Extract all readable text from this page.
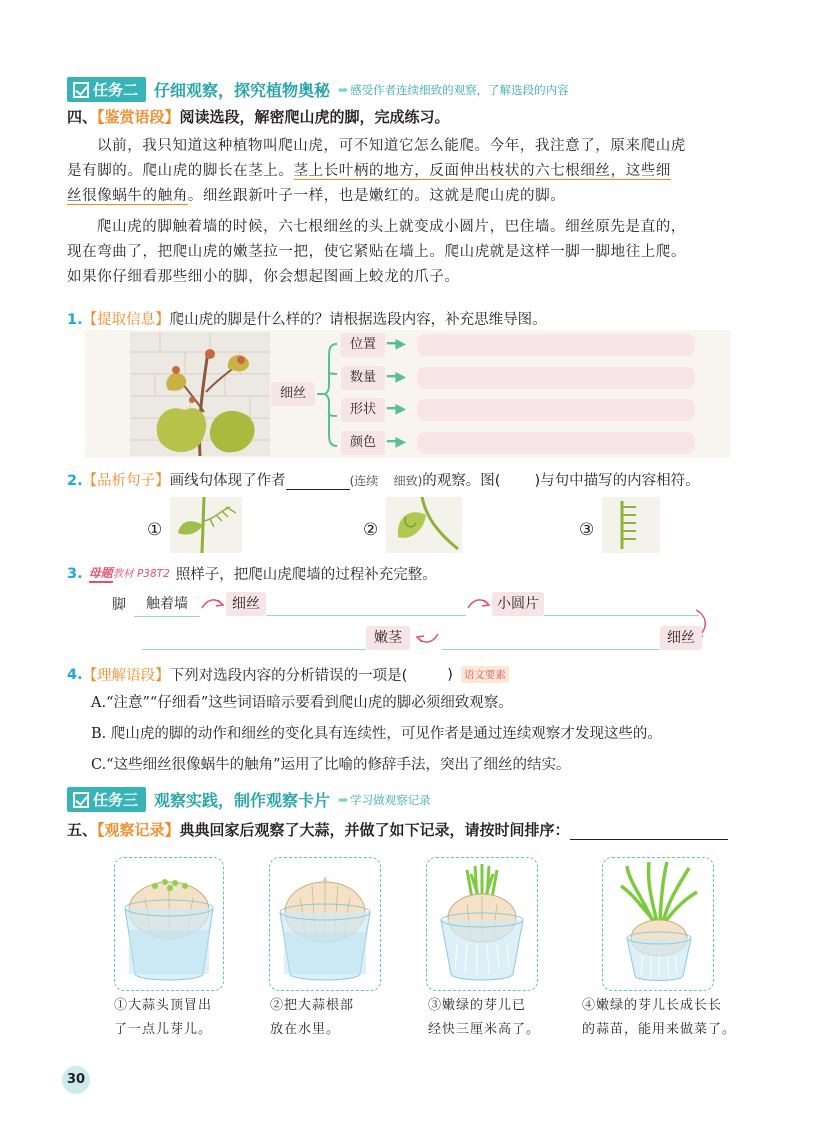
任务二 仔细观察，探究植物奥秘 ➡ 感受作者连续细致的观察，了解选段的内容
四、【鉴赏语段】阅读选段，解密爬山虎的脚，完成练习。
以前，我只知道这种植物叫爬山虎，可不知道它怎么能爬。今年，我注意了，原来爬山虎
是有脚的。爬山虎的脚长在茎上。茎上长叶柄的地方，反面伸出枝状的六七根细丝，这些细
丝很像蜗牛的触角。细丝跟新叶子一样，也是嫩红的。这就是爬山虎的脚。
爬山虎的脚触着墙的时候，六七根细丝的头上就变成小圆片，巴住墙。细丝原先是直的，
现在弯曲了，把爬山虎的嫩茎拉一把，使它紧贴在墙上。爬山虎就是这样一脚一脚地往上爬。
如果你仔细看那些细小的脚，你会想起图画上蛟龙的爪子。
1.【提取信息】爬山虎的脚是什么样的？请根据选段内容，补充思维导图。
细丝
位置
数量
形状
颜色
━▶
━▶
━▶
━▶
2.【品析句子】画线句体现了作者	(连续 细致)的观察。图( )与句中描写的内容相符。
①	②	③
3. 母题 教材 P38T2 照样子，把爬山虎爬墙的过程补充完整。
脚	触着墙	细丝	小圆片
嫩茎	细丝
4. 【理解语段】 下列对选段内容的分析错误的一项是(	) 语文要素
A.“注意”“仔细看”这些词语暗示要看到爬山虎的脚必须细致观察。
B. 爬山虎的脚的动作和细丝的变化具有连续性，可见作者是通过连续观察才发现这些的。
C.“这些细丝很像蜗牛的触角”运用了比喻的修辞手法，突出了细丝的结实。
任务三 观察实践，制作观察卡片 ➡ 学习做观察记录
五、【观察记录】典典回家后观察了大蒜，并做了如下记录，请按时间排序：
①大蒜头顶冒出
了一点儿芽儿。
②把大蒜根部
放在水里。
③嫩绿的芽儿已
经快三厘米高了。
④嫩绿的芽儿长成长长
的蒜苗，能用来做菜了。
30
